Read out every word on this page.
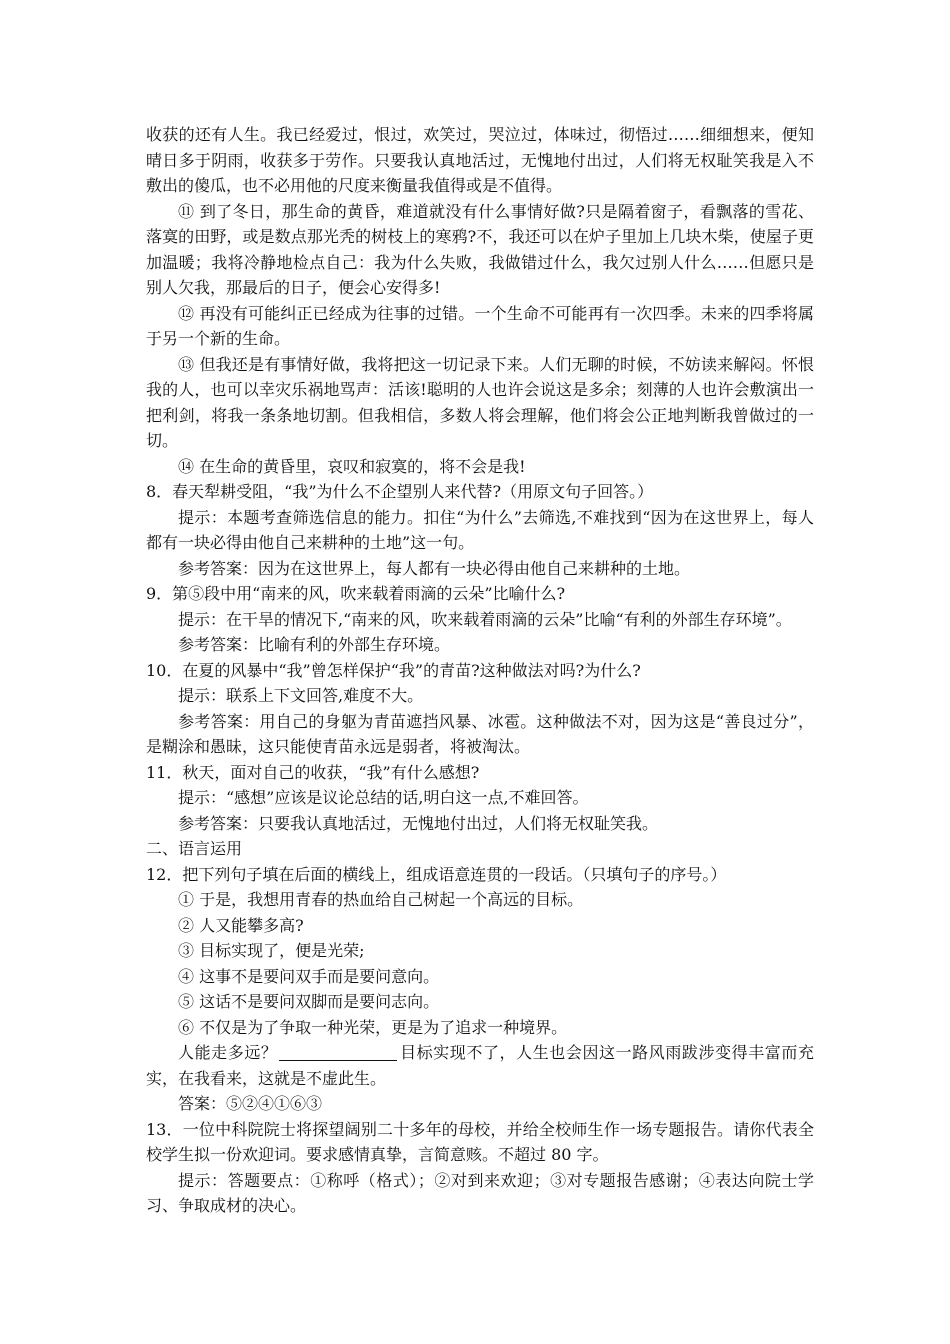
收获的还有人生。我已经爱过，恨过，欢笑过，哭泣过，体味过，彻悟过……细细想来，便知晴日多于阴雨，收获多于劳作。只要我认真地活过，无愧地付出过，人们将无权耻笑我是入不敷出的傻瓜，也不必用他的尺度来衡量我值得或是不值得。

⑪ 到了冬日，那生命的黄昏，难道就没有什么事情好做?只是隔着窗子，看飘落的雪花、落寞的田野，或是数点那光秃的树枝上的寒鸦?不，我还可以在炉子里加上几块木柴，使屋子更加温暖；我将冷静地检点自己：我为什么失败，我做错过什么，我欠过别人什么……但愿只是别人欠我，那最后的日子，便会心安得多!

⑫ 再没有可能纠正已经成为往事的过错。一个生命不可能再有一次四季。未来的四季将属于另一个新的生命。

⑬ 但我还是有事情好做，我将把这一切记录下来。人们无聊的时候，不妨读来解闷。怀恨我的人，也可以幸灾乐祸地骂声：活该!聪明的人也许会说这是多余；刻薄的人也许会敷演出一把利剑，将我一条条地切割。但我相信，多数人将会理解，他们将会公正地判断我曾做过的一切。

⑭ 在生命的黄昏里，哀叹和寂寞的，将不会是我!

8．春天犁耕受阻，“我”为什么不企望别人来代替?（用原文句子回答。）

提示：本题考查筛选信息的能力。扣住“为什么”去筛选,不难找到“因为在这世界上，每人都有一块必得由他自己来耕种的土地”这一句。

参考答案：因为在这世界上，每人都有一块必得由他自己来耕种的土地。

9．第⑤段中用“南来的风，吹来载着雨滴的云朵”比喻什么?

提示：在干旱的情况下,“南来的风，吹来载着雨滴的云朵”比喻“有利的外部生存环境”。

参考答案：比喻有利的外部生存环境。

10．在夏的风暴中“我”曾怎样保护“我”的青苗?这种做法对吗?为什么?

提示：联系上下文回答,难度不大。

参考答案：用自己的身躯为青苗遮挡风暴、冰雹。这种做法不对，因为这是“善良过分”，是糊涂和愚昧，这只能使青苗永远是弱者，将被淘汰。

11．秋天，面对自己的收获，“我”有什么感想?

提示：“感想”应该是议论总结的话,明白这一点,不难回答。

参考答案：只要我认真地活过，无愧地付出过，人们将无权耻笑我。

二、语言运用

12．把下列句子填在后面的横线上，组成语意连贯的一段话。（只填句子的序号。）

① 于是，我想用青春的热血给自己树起一个高远的目标。

② 人又能攀多高?

③ 目标实现了，便是光荣;

④ 这事不是要问双手而是要问意向。

⑤ 这话不是要问双脚而是要问志向。

⑥ 不仅是为了争取一种光荣，更是为了追求一种境界。

人能走多远？	目标实现不了，人生也会因这一路风雨跋涉变得丰富而充实，在我看来，这就是不虚此生。

答案：⑤②④①⑥③

13．一位中科院院士将探望阔别二十多年的母校，并给全校师生作一场专题报告。请你代表全校学生拟一份欢迎词。要求感情真挚，言简意赅。不超过 80 字。

提示：答题要点：①称呼（格式）；②对到来欢迎；③对专题报告感谢；④表达向院士学习、争取成材的决心。
